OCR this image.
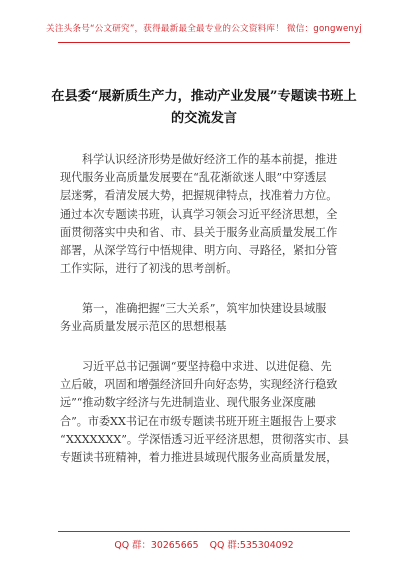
关注头条号“公文研究”，获得最新最全最专业的公文资料库！ 微信：gongwenyj
在县委“展新质生产力，推动产业发展”专题读书班上
的交流发言
科学认识经济形势是做好经济工作的基本前提，推进
现代服务业高质量发展要在“乱花渐欲迷人眼”中穿透层
层迷雾，看清发展大势，把握规律特点，找准着力方位。
通过本次专题读书班，认真学习领会习近平经济思想，全
面贯彻落实中央和省、市、县关于服务业高质量发展工作
部署，从深学笃行中悟规律、明方向、寻路径，紧扣分管
工作实际，进行了初浅的思考剖析。
第一，准确把握“三大关系”，筑牢加快建设县域服
务业高质量发展示范区的思想根基
习近平总书记强调“要坚持稳中求进、以进促稳、先
立后破，巩固和增强经济回升向好态势，实现经济行稳致
远”“推动数字经济与先进制造业、现代服务业深度融
合”。市委XX书记在市级专题读书班开班主题报告上要求
“XXXXXXX”。学深悟透习近平经济思想，贯彻落实市、县
专题读书班精神，着力推进县域现代服务业高质量发展，
QQ 群：30265665 QQ 群:535304092
